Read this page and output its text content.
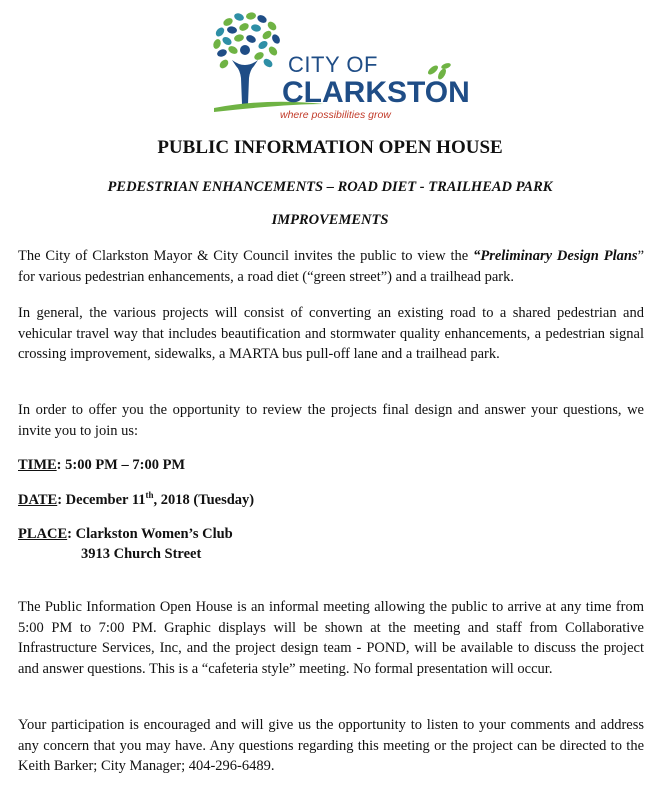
CITY OF
CLARKSTON
where possibilities grow
PUBLIC INFORMATION OPEN HOUSE
PEDESTRIAN ENHANCEMENTS – ROAD DIET - TRAILHEAD PARK
IMPROVEMENTS

The City of Clarkston Mayor & City Council invites the public to view the “Preliminary Design Plans” for various pedestrian enhancements, a road diet (“green street”) and a trailhead park.

In general, the various projects will consist of converting an existing road to a shared pedestrian and vehicular travel way that includes beautification and stormwater quality enhancements, a pedestrian signal crossing improvement, sidewalks, a MARTA bus pull-off lane and a trailhead park.

In order to offer you the opportunity to review the projects final design and answer your questions, we invite you to join us:

TIME: 5:00 PM – 7:00 PM
DATE: December 11th, 2018 (Tuesday)
PLACE: Clarkston Women’s Club
3913 Church Street

The Public Information Open House is an informal meeting allowing the public to arrive at any time from 5:00 PM to 7:00 PM. Graphic displays will be shown at the meeting and staff from Collaborative Infrastructure Services, Inc, and the project design team - POND, will be available to discuss the project and answer questions. This is a “cafeteria style” meeting. No formal presentation will occur.

Your participation is encouraged and will give us the opportunity to listen to your comments and address any concern that you may have. Any questions regarding this meeting or the project can be directed to the Keith Barker; City Manager; 404-296-6489.
